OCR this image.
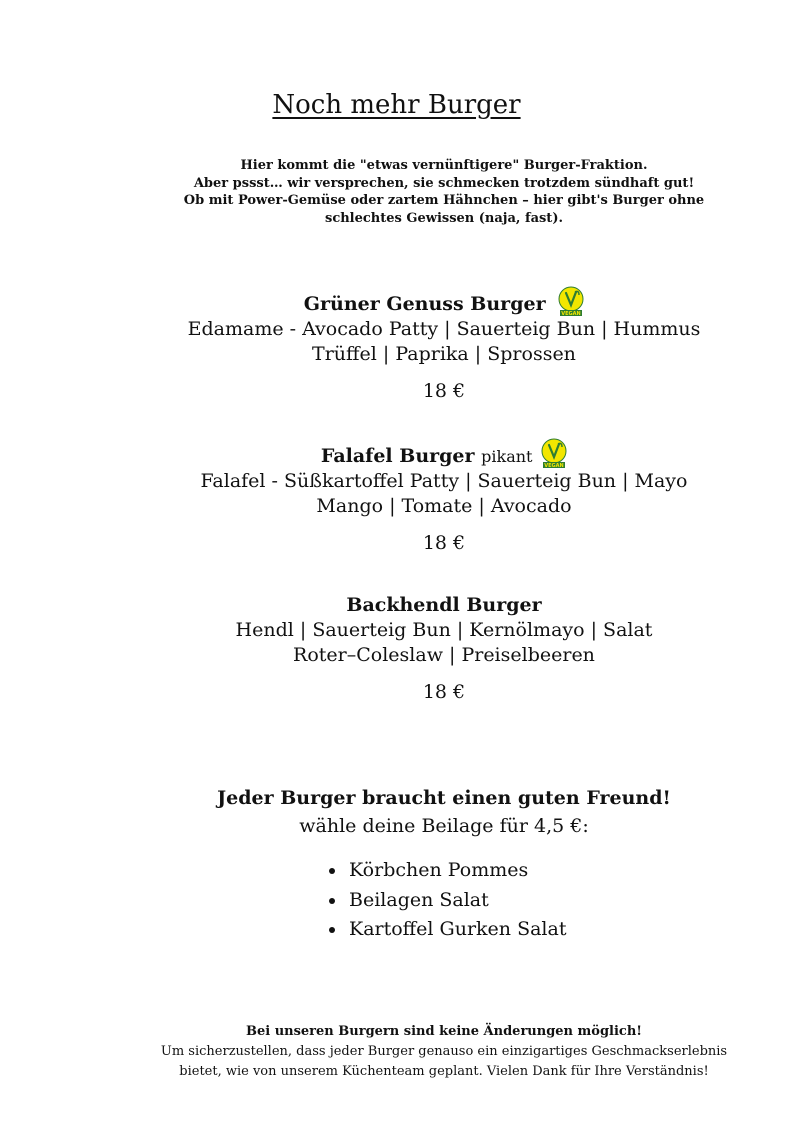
Noch mehr Burger
Hier kommt die "etwas vernünftigere" Burger-Fraktion.
Aber pssst… wir versprechen, sie schmecken trotzdem sündhaft gut!
Ob mit Power-Gemüse oder zartem Hähnchen – hier gibt's Burger ohne
schlechtes Gewissen (naja, fast).
Grüner Genuss Burger	VEGAN
Edamame - Avocado Patty | Sauerteig Bun | Hummus
Trüffel | Paprika | Sprossen
18 €
Falafel Burger pikant VEGAN
Falafel - Süßkartoffel Patty | Sauerteig Bun | Mayo
Mango | Tomate | Avocado
18 €
Backhendl Burger
Hendl | Sauerteig Bun | Kernölmayo | Salat
Roter–Coleslaw | Preiselbeeren
18 €
Jeder Burger braucht einen guten Freund!
wähle deine Beilage für 4,5 €:
Körbchen Pommes
Beilagen Salat
Kartoffel Gurken Salat
Bei unseren Burgern sind keine Änderungen möglich!
Um sicherzustellen, dass jeder Burger genauso ein einzigartiges Geschmackserlebnis
bietet, wie von unserem Küchenteam geplant. Vielen Dank für Ihre Verständnis!
